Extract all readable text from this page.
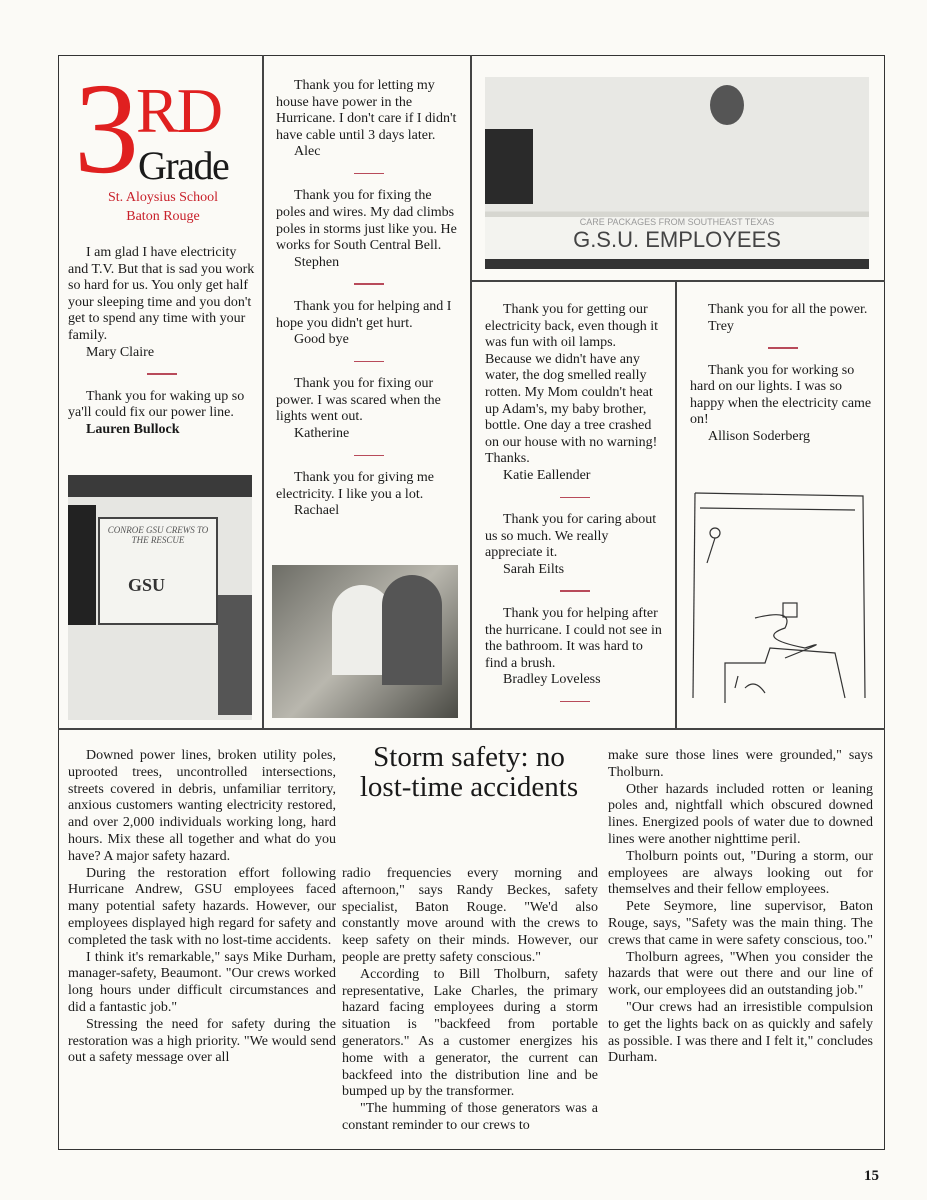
3
RD
Grade
St. Aloysius School
Baton Rouge

I am glad I have electricity and T.V. But that is sad you work so hard for us. You only get half your sleeping time and you don't get to spend any time with your family.

Mary Claire

Thank you for waking up so ya'll could fix our power line.

Lauren Bullock
CONROE GSU CREWS TO THE RESCUE
GSU

Thank you for letting my house have power in the Hurricane. I don't care if I didn't have cable until 3 days later.

Alec

Thank you for fixing the poles and wires. My dad climbs poles in storms just like you. He works for South Central Bell.

Stephen

Thank you for helping and I hope you didn't get hurt.

Good bye

Thank you for fixing our power. I was scared when the lights went out.

Katherine

Thank you for giving me electricity. I like you a lot.

Rachael
CARE PACKAGES FROM SOUTHEAST TEXAS
G.S.U. EMPLOYEES

Thank you for getting our electricity back, even though it was fun with oil lamps. Because we didn't have any water, the dog smelled really rotten. My Mom couldn't heat up Adam's, my baby brother, bottle. One day a tree crashed on our house with no warning! Thanks.

Katie Eallender

Thank you for caring about us so much. We really appreciate it.

Sarah Eilts

Thank you for helping after the hurricane. I could not see in the bathroom. It was hard to find a brush.

Bradley Loveless

Thank you for all the power.

Trey

Thank you for working so hard on our lights. I was so happy when the electricity came on!

Allison Soderberg
Storm safety: no lost-time accidents

Downed power lines, broken utility poles, uprooted trees, uncontrolled intersections, streets covered in debris, unfamiliar territory, anxious customers wanting electricity restored, and over 2,000 individuals working long, hard hours. Mix these all together and what do you have? A major safety hazard.

During the restoration effort following Hurricane Andrew, GSU employees faced many potential safety hazards. However, our employees displayed high regard for safety and completed the task with no lost-time accidents.

I think it's remarkable," says Mike Durham, manager-safety, Beaumont. "Our crews worked long hours under difficult circumstances and did a fantastic job."

Stressing the need for safety during the restoration was a high priority. "We would send out a safety message over all

radio frequencies every morning and afternoon," says Randy Beckes, safety specialist, Baton Rouge. "We'd also constantly move around with the crews to keep safety on their minds. However, our people are pretty safety conscious."

According to Bill Tholburn, safety representative, Lake Charles, the primary hazard facing employees during a storm situation is "backfeed from portable generators." As a customer energizes his home with a generator, the current can backfeed into the distribution line and be bumped up by the transformer.

"The humming of those generators was a constant reminder to our crews to

make sure those lines were grounded," says Tholburn.

Other hazards included rotten or leaning poles and, nightfall which obscured downed lines. Energized pools of water due to downed lines were another nighttime peril.

Tholburn points out, "During a storm, our employees are always looking out for themselves and their fellow employees.

Pete Seymore, line supervisor, Baton Rouge, says, "Safety was the main thing. The crews that came in were safety conscious, too."

Tholburn agrees, "When you consider the hazards that were out there and our line of work, our employees did an outstanding job."

"Our crews had an irresistible compulsion to get the lights back on as quickly and safely as possible. I was there and I felt it," concludes Durham.

15
